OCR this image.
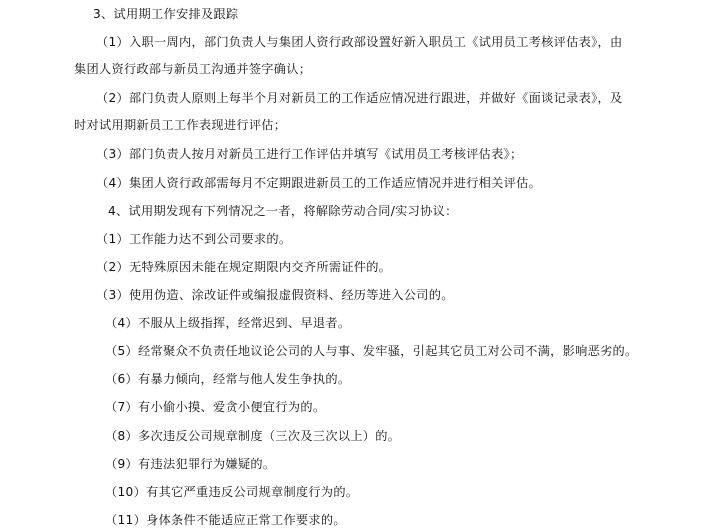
3、试用期工作安排及跟踪
（1）入职一周内，部门负责人与集团人资行政部设置好新入职员工《试用员工考核评估表》，由
集团人资行政部与新员工沟通并签字确认；
（2）部门负责人原则上每半个月对新员工的工作适应情况进行跟进，并做好《面谈记录表》，及
时对试用期新员工工作表现进行评估；
（3）部门负责人按月对新员工进行工作评估并填写《试用员工考核评估表》；
（4）集团人资行政部需每月不定期跟进新员工的工作适应情况并进行相关评估。
4、试用期发现有下列情况之一者，将解除劳动合同/实习协议：
（1）工作能力达不到公司要求的。
（2）无特殊原因未能在规定期限内交齐所需证件的。
（3）使用伪造、涂改证件或编报虚假资料、经历等进入公司的。
（4）不服从上级指挥，经常迟到、早退者。
（5）经常聚众不负责任地议论公司的人与事、发牢骚，引起其它员工对公司不满，影响恶劣的。
（6）有暴力倾向，经常与他人发生争执的。
（7）有小偷小摸、爱贪小便宜行为的。
（8）多次违反公司规章制度（三次及三次以上）的。
（9）有违法犯罪行为嫌疑的。
（10）有其它严重违反公司规章制度行为的。
（11）身体条件不能适应正常工作要求的。
